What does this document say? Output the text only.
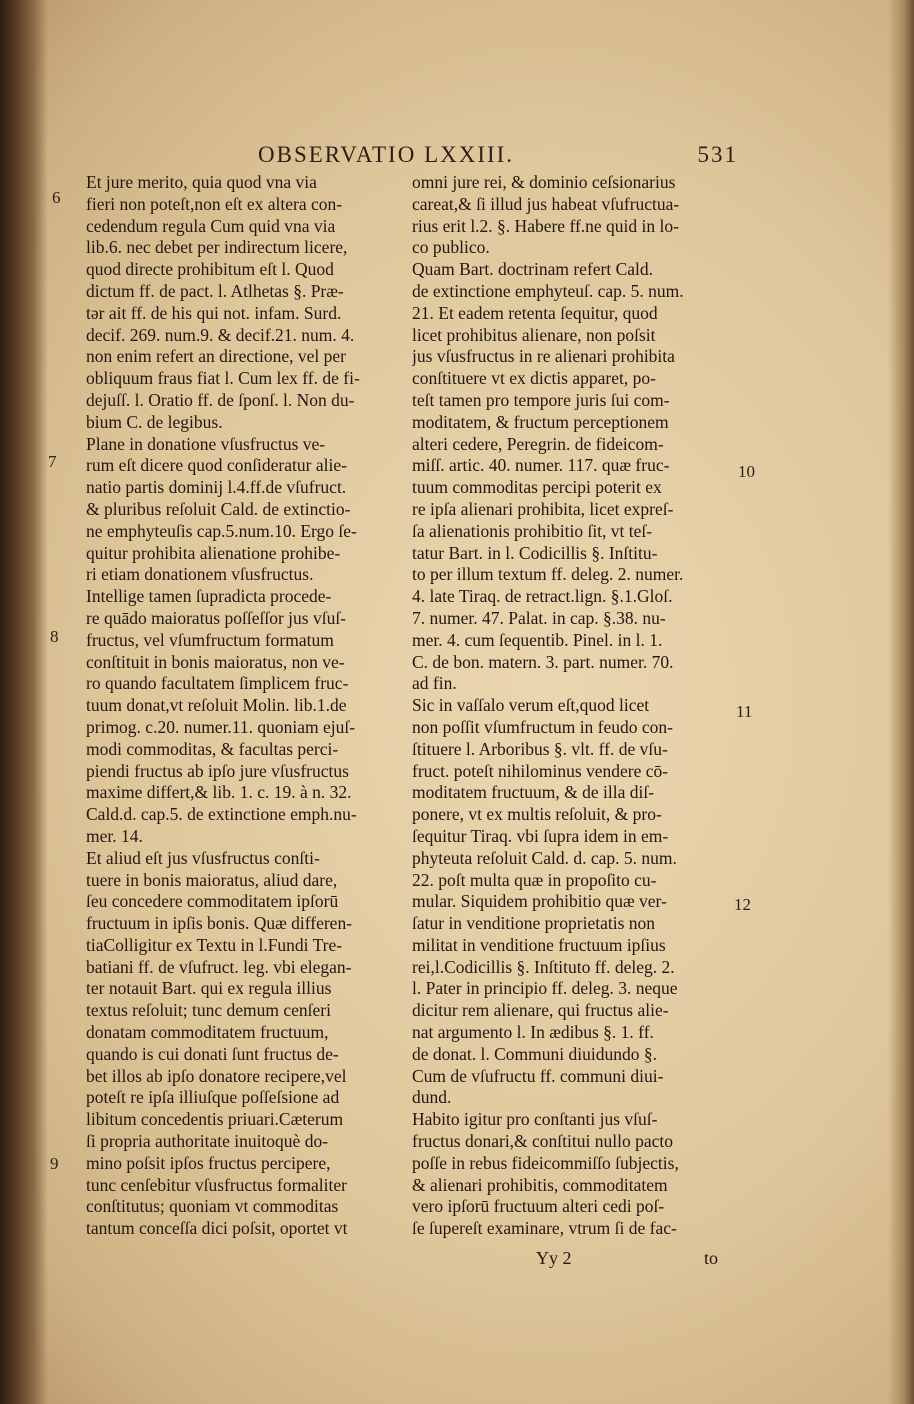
OBSERVATIO LXXIII.	531
Et jure merito, quia quod vna via
fieri non poteſt,non eſt ex altera con-
cedendum regula Cum quid vna via
lib.6. nec debet per indirectum licere,
quod directe prohibitum eſt l. Quod
dictum ff. de pact. l. Atlhetas §. Præ-
tər ait ff. de his qui not. infam. Surd.
decif. 269. num.9. & decif.21. num. 4.
non enim refert an directione, vel per
obliquum fraus fiat l. Cum lex ff. de fi-
dejuſſ. l. Oratio ff. de ſponſ. l. Non du-
bium C. de legibus.
Plane in donatione vſusfructus ve-
rum eſt dicere quod conſideratur alie-
natio partis dominij l.4.ff.de vſufruct.
& pluribus reſoluit Cald. de extinctio-
ne emphyteuſis cap.5.num.10. Ergo ſe-
quitur prohibita alienatione prohibe-
ri etiam donationem vſusfructus.
Intellige tamen ſupradicta procede-
re quādo maioratus poſſeſſor jus vſuſ-
fructus, vel vſumfructum formatum
conſtituit in bonis maioratus, non ve-
ro quando facultatem ſimplicem fruc-
tuum donat,vt reſoluit Molin. lib.1.de
primog. c.20. numer.11. quoniam ejuſ-
modi commoditas, & facultas perci-
piendi fructus ab ipſo jure vſusfructus
maxime differt,& lib. 1. c. 19. à n. 32.
Cald.d. cap.5. de extinctione emph.nu-
mer. 14.
Et aliud eſt jus vſusfructus conſti-
tuere in bonis maioratus, aliud dare,
ſeu concedere commoditatem ipſorū
fructuum in ipſis bonis. Quæ differen-
tiaColligitur ex Textu in l.Fundi Tre-
batiani ff. de vſufruct. leg. vbi elegan-
ter notauit Bart. qui ex regula illius
textus reſoluit; tunc demum cenſeri
donatam commoditatem fructuum,
quando is cui donati ſunt fructus de-
bet illos ab ipſo donatore recipere,vel
poteſt re ipſa illiuſque poſſeſsione ad
libitum concedentis priuari.Cæterum
ſi propria authoritate inuitoquè do-
mino poſsit ipſos fructus percipere,
tunc cenſebitur vſusfructus formaliter
conſtitutus; quoniam vt commoditas
tantum conceſſa dici poſsit, oportet vt
omni jure rei, & dominio ceſsionarius
careat,& ſi illud jus habeat vſufructua-
rius erit l.2. §. Habere ff.ne quid in lo-
co publico.
Quam Bart. doctrinam refert Cald.
de extinctione emphyteuſ. cap. 5. num.
21. Et eadem retenta ſequitur, quod
licet prohibitus alienare, non poſsit
jus vſusfructus in re alienari prohibita
conſtituere vt ex dictis apparet, po-
teſt tamen pro tempore juris ſui com-
moditatem, & fructum perceptionem
alteri cedere, Peregrin. de fideicom-
miſſ. artic. 40. numer. 117. quæ fruc-
tuum commoditas percipi poterit ex
re ipſa alienari prohibita, licet expreſ-
ſa alienationis prohibitio ſit, vt teſ-
tatur Bart. in l. Codicillis §. Inſtitu-
to per illum textum ff. deleg. 2. numer.
4. late Tiraq. de retract.lign. §.1.Gloſ.
7. numer. 47. Palat. in cap. §.38. nu-
mer. 4. cum ſequentib. Pinel. in l. 1.
C. de bon. matern. 3. part. numer. 70.
ad fin.
Sic in vaſſalo verum eſt,quod licet
non poſſit vſumfructum in feudo con-
ſtituere l. Arboribus §. vlt. ff. de vſu-
fruct. poteſt nihilominus vendere cō-
moditatem fructuum, & de illa diſ-
ponere, vt ex multis reſoluit, & pro-
ſequitur Tiraq. vbi ſupra idem in em-
phyteuta reſoluit Cald. d. cap. 5. num.
22. poſt multa quæ in propoſito cu-
mular. Siquidem prohibitio quæ ver-
ſatur in venditione proprietatis non
militat in venditione fructuum ipſius
rei,l.Codicillis §. Inſtituto ff. deleg. 2.
l. Pater in principio ff. deleg. 3. neque
dicitur rem alienare, qui fructus alie-
nat argumento l. In ædibus §. 1. ff.
de donat. l. Communi diuidundo §.
Cum de vſufructu ff. communi diui-
dund.
Habito igitur pro conſtanti jus vſuſ-
fructus donari,& conſtitui nullo pacto
poſſe in rebus fideicommiſſo ſubjectis,
& alienari prohibitis, commoditatem
vero ipſorū fructuum alteri cedi poſ-
ſe ſupereſt examinare, vtrum ſi de fac-
6
7
8
9
10
11
12
Yy 2	to
